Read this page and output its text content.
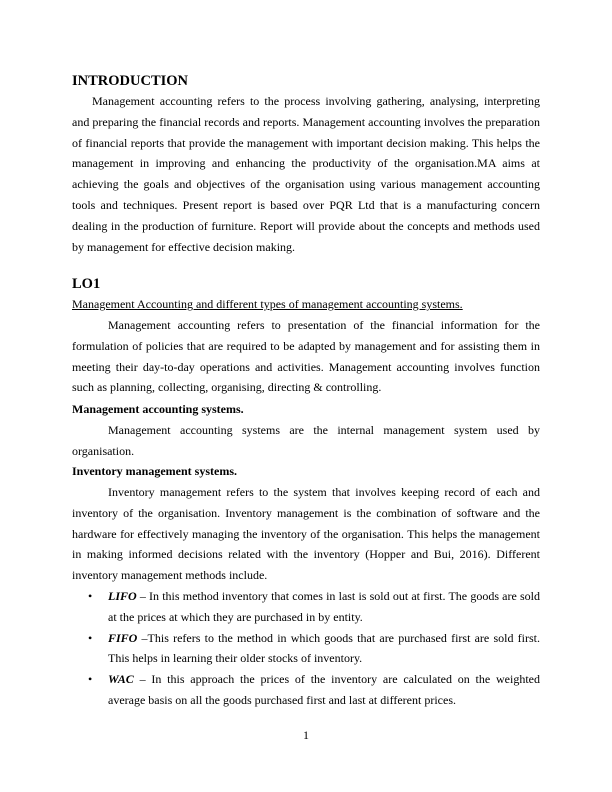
INTRODUCTION
Management accounting refers to the process involving gathering, analysing, interpreting and preparing the financial records and reports. Management accounting involves the preparation of financial reports that provide the management with important decision making. This helps the management in improving and enhancing the productivity of the organisation.MA aims at achieving the goals and objectives of the organisation using various management accounting tools and techniques. Present report is based over PQR Ltd that is a manufacturing concern dealing in the production of furniture. Report will provide about the concepts and methods used by management for effective decision making.
LO1
Management Accounting and different types of management accounting systems.
Management accounting refers to presentation of the financial information for the formulation of policies that are required to be adapted by management and for assisting them in meeting their day-to-day operations and activities. Management accounting involves function such as planning, collecting, organising, directing & controlling.
Management accounting systems.
Management accounting systems are the internal management system used by organisation.
Inventory management systems.
Inventory management refers to the system that involves keeping record of each and inventory of the organisation. Inventory management is the combination of software and the hardware for effectively managing the inventory of the organisation. This helps the management in making informed decisions related with the inventory (Hopper and Bui, 2016). Different inventory management methods include.
• LIFO – In this method inventory that comes in last is sold out at first. The goods are sold at the prices at which they are purchased in by entity.
• FIFO –This refers to the method in which goods that are purchased first are sold first. This helps in learning their older stocks of inventory.
• WAC – In this approach the prices of the inventory are calculated on the weighted average basis on all the goods purchased first and last at different prices.
1
